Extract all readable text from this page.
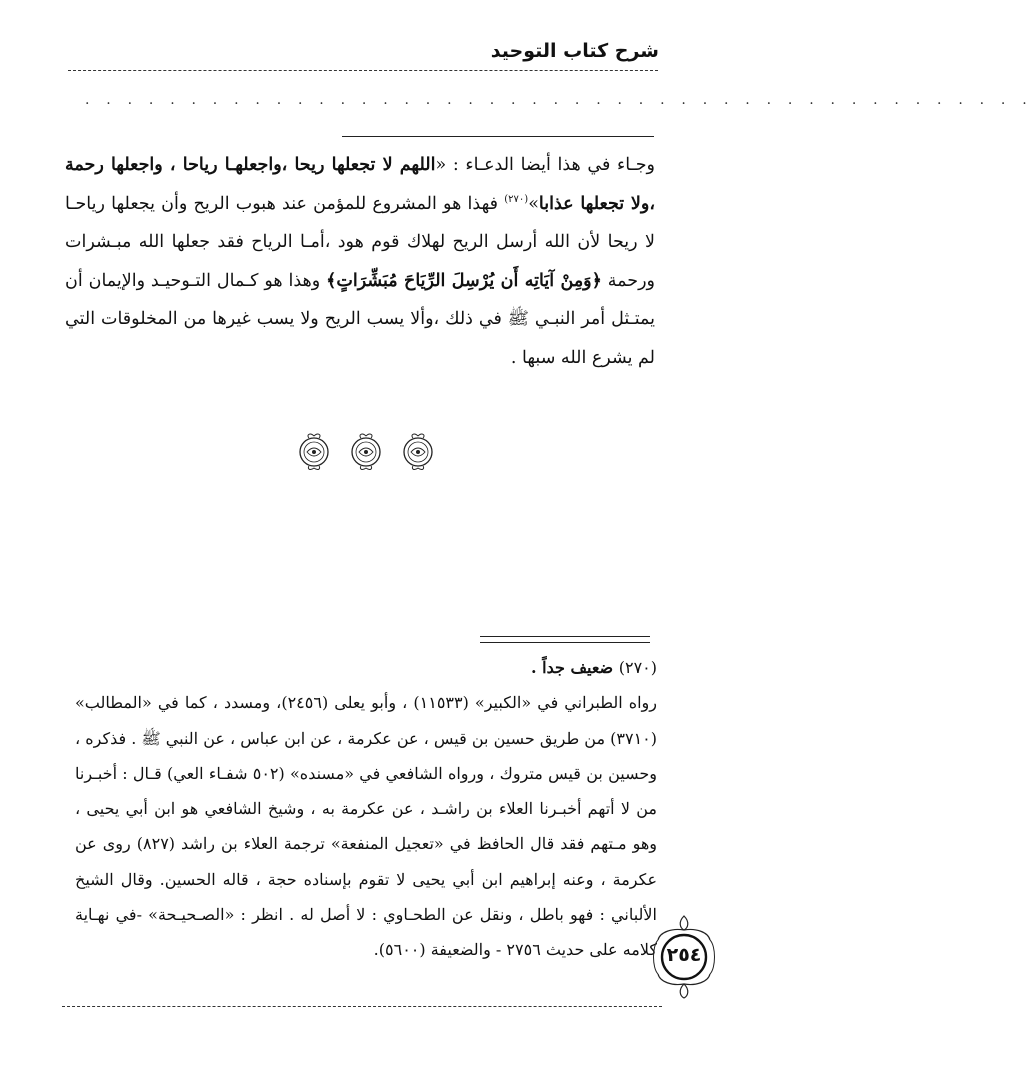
شرح كتاب التوحيد
. . . . . . . . . . . . . . . . . . . . . . . . . . . . . . . . . . . . . . . . . . . . .

وجـاء في هذا أيضا الدعـاء : «اللهم لا تجعلها ريحا ،واجعلهـا رياحا ، واجعلها رحمة ،ولا تجعلها عذابا»$^{(٢٧٠)}$ فهذا هو المشروع للمؤمن عند هبوب الريح وأن يجعلها رياحـا لا ريحا لأن الله أرسل الريح لهلاك قوم هود ،أمـا الرياح فقد جعلها الله مبـشرات ورحمة ﴿وَمِنْ آيَاتِه أَن يُرْسِلَ الرِّيَاحَ مُبَشِّرَاتٍ﴾ وهذا هو كـمال التـوحيـد والإيمان أن يمتـثل أمر النبـي ﷺ في ذلك ،وألا يسب الريح ولا يسب غيرها من المخلوقات التي لم يشرع الله سبها .

(٢٧٠) ضعيف جداً .

رواه الطبراني في «الكبير» (١١٥٣٣) ، وأبو يعلى (٢٤٥٦)، ومسدد ، كما في «المطالب» (٣٧١٠) من طريق حسين بن قيس ، عن عكرمة ، عن ابن عباس ، عن النبي ﷺ . فذكره ، وحسين بن قيس متروك ، ورواه الشافعي في «مسنده» (٥٠٢ شفـاء العي) قـال : أخبـرنا من لا أتهم أخبـرنا العلاء بن راشـد ، عن عكرمة به ، وشيخ الشافعي هو ابن أبي يحيى ، وهو مـتهم فقد قال الحافظ في «تعجيل المنفعة» ترجمة العلاء بن راشد (٨٢٧) روى عن عكرمة ، وعنه إبراهيم ابن أبي يحيى لا تقوم بإسناده حجة ، قاله الحسين. وقال الشيخ الألباني : فهو باطل ، ونقل عن الطحـاوي : لا أصل له . انظر : «الصـحيـحة» -في نهـاية كلامه على حديث ٢٧٥٦ - والضعيفة (٥٦٠٠). ٢٥٤
